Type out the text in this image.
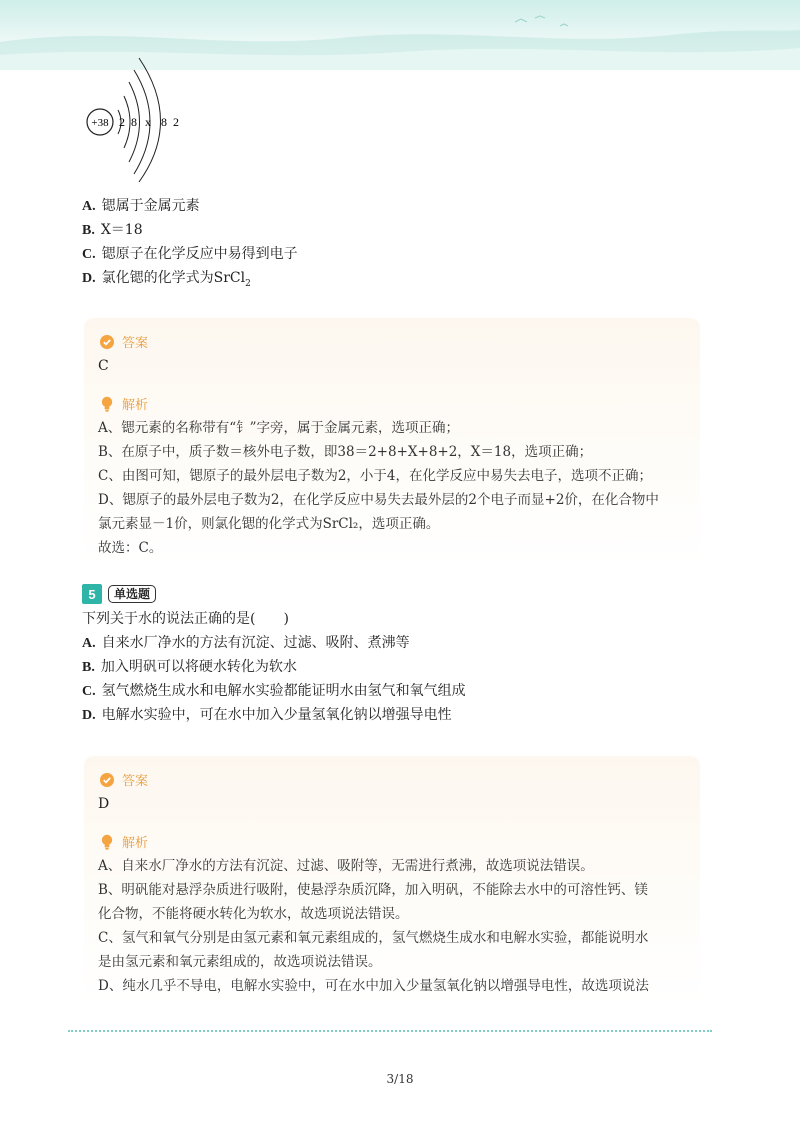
+38 2 8 x 8 2
A. 锶属于金属元素
B. X＝18
C. 锶原子在化学反应中易得到电子
D. 氯化锶的化学式为SrCl$_2$
答案
C
解析
A、锶元素的名称带有“钅”字旁，属于金属元素，选项正确；
B、在原子中，质子数＝核外电子数，即38＝2+8+X+8+2，X＝18，选项正确；
C、由图可知，锶原子的最外层电子数为2，小于4，在化学反应中易失去电子，选项不正确；
D、锶原子的最外层电子数为2，在化学反应中易失去最外层的2个电子而显+2价，在化合物中
氯元素显－1价，则氯化锶的化学式为SrCl₂，选项正确。
故选：C。
5	单选题
下列关于水的说法正确的是(　　)
A. 自来水厂净水的方法有沉淀、过滤、吸附、煮沸等
B. 加入明矾可以将硬水转化为软水
C. 氢气燃烧生成水和电解水实验都能证明水由氢气和氧气组成
D. 电解水实验中，可在水中加入少量氢氧化钠以增强导电性
答案
D
解析
A、自来水厂净水的方法有沉淀、过滤、吸附等，无需进行煮沸，故选项说法错误。
B、明矾能对悬浮杂质进行吸附，使悬浮杂质沉降，加入明矾，不能除去水中的可溶性钙、镁
化合物，不能将硬水转化为软水，故选项说法错误。
C、氢气和氧气分别是由氢元素和氧元素组成的，氢气燃烧生成水和电解水实验，都能说明水
是由氢元素和氧元素组成的，故选项说法错误。
D、纯水几乎不导电，电解水实验中，可在水中加入少量氢氧化钠以增强导电性，故选项说法
3/18
